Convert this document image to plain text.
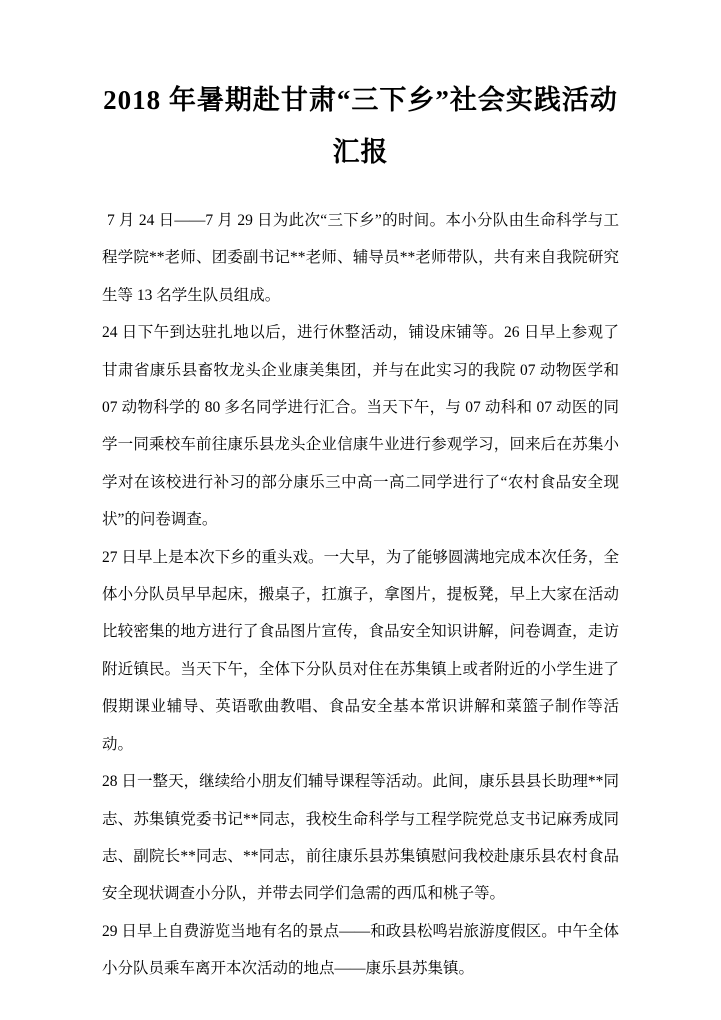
2018 年暑期赴甘肃“三下乡”社会实践活动汇报

7 月 24 日——7 月 29 日为此次“三下乡”的时间。本小分队由生命科学与工程学院**老师、团委副书记**老师、辅导员**老师带队，共有来自我院研究生等 13 名学生队员组成。

24 日下午到达驻扎地以后，进行休整活动，铺设床铺等。26 日早上参观了甘肃省康乐县畜牧龙头企业康美集团，并与在此实习的我院 07 动物医学和 07 动物科学的 80 多名同学进行汇合。当天下午，与 07 动科和 07 动医的同学一同乘校车前往康乐县龙头企业信康牛业进行参观学习，回来后在苏集小学对在该校进行补习的部分康乐三中高一高二同学进行了“农村食品安全现状”的问卷调查。

27 日早上是本次下乡的重头戏。一大早，为了能够圆满地完成本次任务，全体小分队员早早起床，搬桌子，扛旗子，拿图片，提板凳，早上大家在活动比较密集的地方进行了食品图片宣传，食品安全知识讲解，问卷调查，走访附近镇民。当天下午，全体下分队员对住在苏集镇上或者附近的小学生进了假期课业辅导、英语歌曲教唱、食品安全基本常识讲解和菜篮子制作等活动。

28 日一整天，继续给小朋友们辅导课程等活动。此间，康乐县县长助理**同志、苏集镇党委书记**同志，我校生命科学与工程学院党总支书记麻秀成同志、副院长**同志、**同志，前往康乐县苏集镇慰问我校赴康乐县农村食品安全现状调查小分队，并带去同学们急需的西瓜和桃子等。

29 日早上自费游览当地有名的景点——和政县松鸣岩旅游度假区。中午全体小分队员乘车离开本次活动的地点——康乐县苏集镇。
